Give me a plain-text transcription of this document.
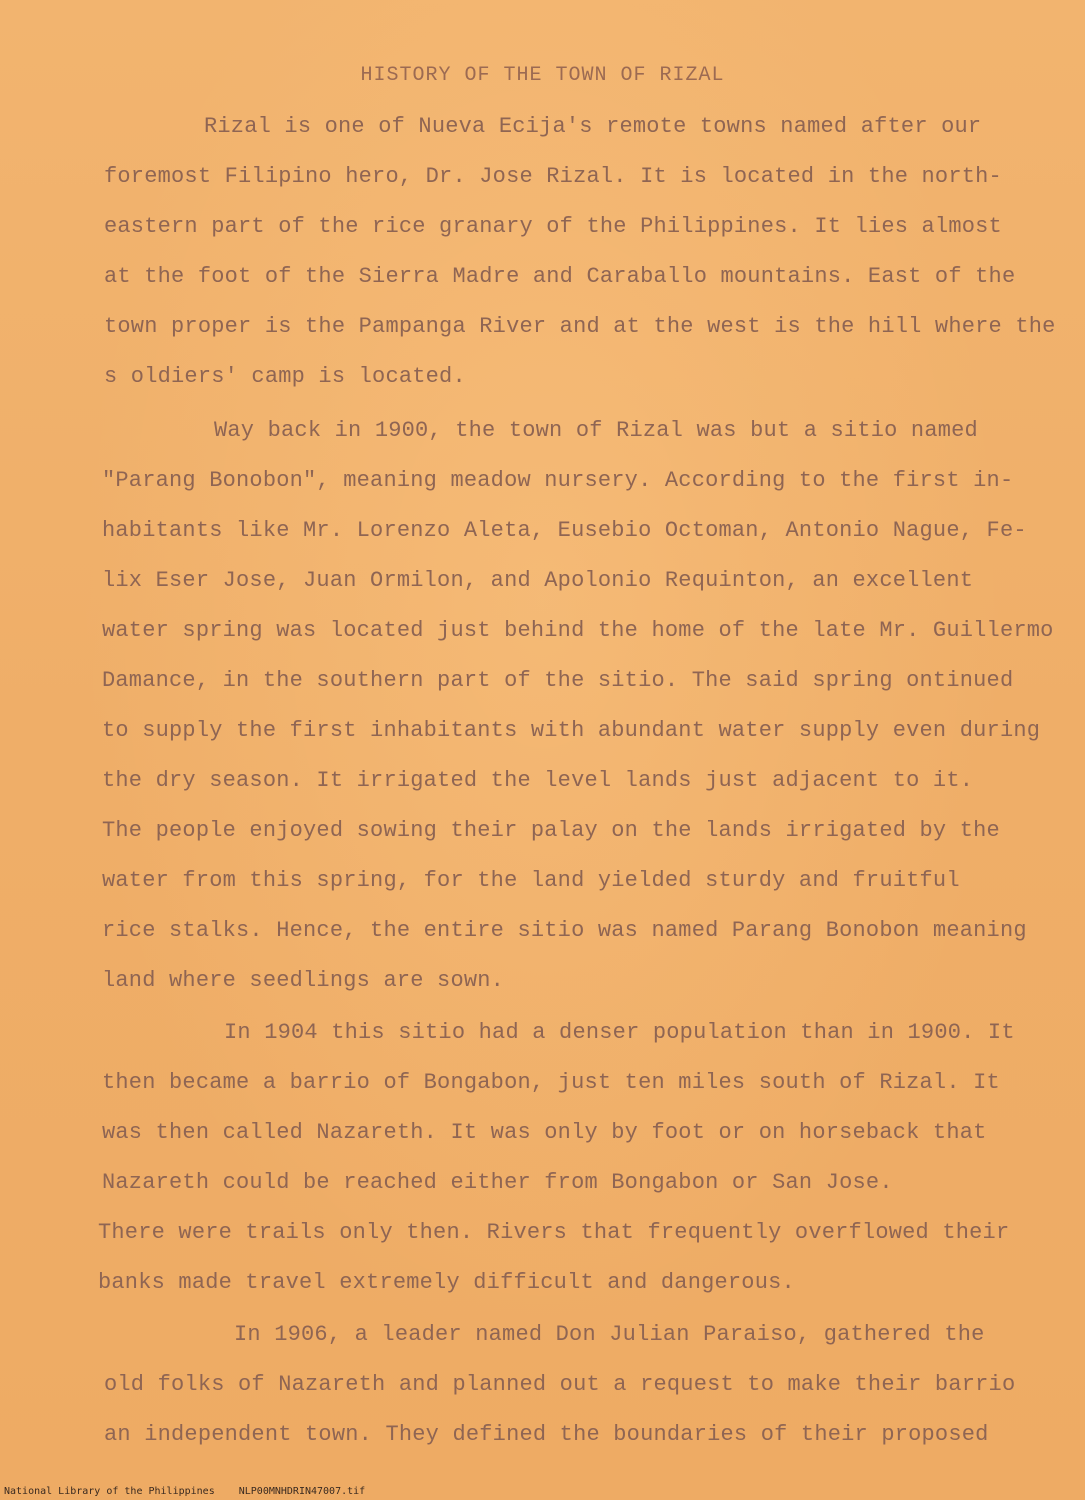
HISTORY OF THE TOWN OF RIZAL
Rizal is one of Nueva Ecija's remote towns named after our
foremost Filipino hero, Dr. Jose Rizal. It is located in the north-
eastern part of the rice granary of the Philippines. It lies almost
at the foot of the Sierra Madre and Caraballo mountains. East of the
town proper is the Pampanga River and at the west is the hill where the
s oldiers' camp is located.
Way back in 1900, the town of Rizal was but a sitio named
"Parang Bonobon", meaning meadow nursery. According to the first in-
habitants like Mr. Lorenzo Aleta, Eusebio Octoman, Antonio Nague, Fe-
lix Eser Jose, Juan Ormilon, and Apolonio Requinton, an excellent
water spring was located just behind the home of the late Mr. Guillermo
Damance, in the southern part of the sitio. The said spring ontinued
to supply the first inhabitants with abundant water supply even during
the dry season. It irrigated the level lands just adjacent to it.
The people enjoyed sowing their palay on the lands irrigated by the
water from this spring, for the land yielded sturdy and fruitful
rice stalks. Hence, the entire sitio was named Parang Bonobon meaning
land where seedlings are sown.
In 1904 this sitio had a denser population than in 1900. It
then became a barrio of Bongabon, just ten miles south of Rizal. It
was then called Nazareth. It was only by foot or on horseback that
Nazareth could be reached either from Bongabon or San Jose.
There were trails only then. Rivers that frequently overflowed their
banks made travel extremely difficult and dangerous.
In 1906, a leader named Don Julian Paraiso, gathered the
old folks of Nazareth and planned out a request to make their barrio
an independent town. They defined the boundaries of their proposed
National Library of the Philippines NLP00MNHDRIN47007.tif
